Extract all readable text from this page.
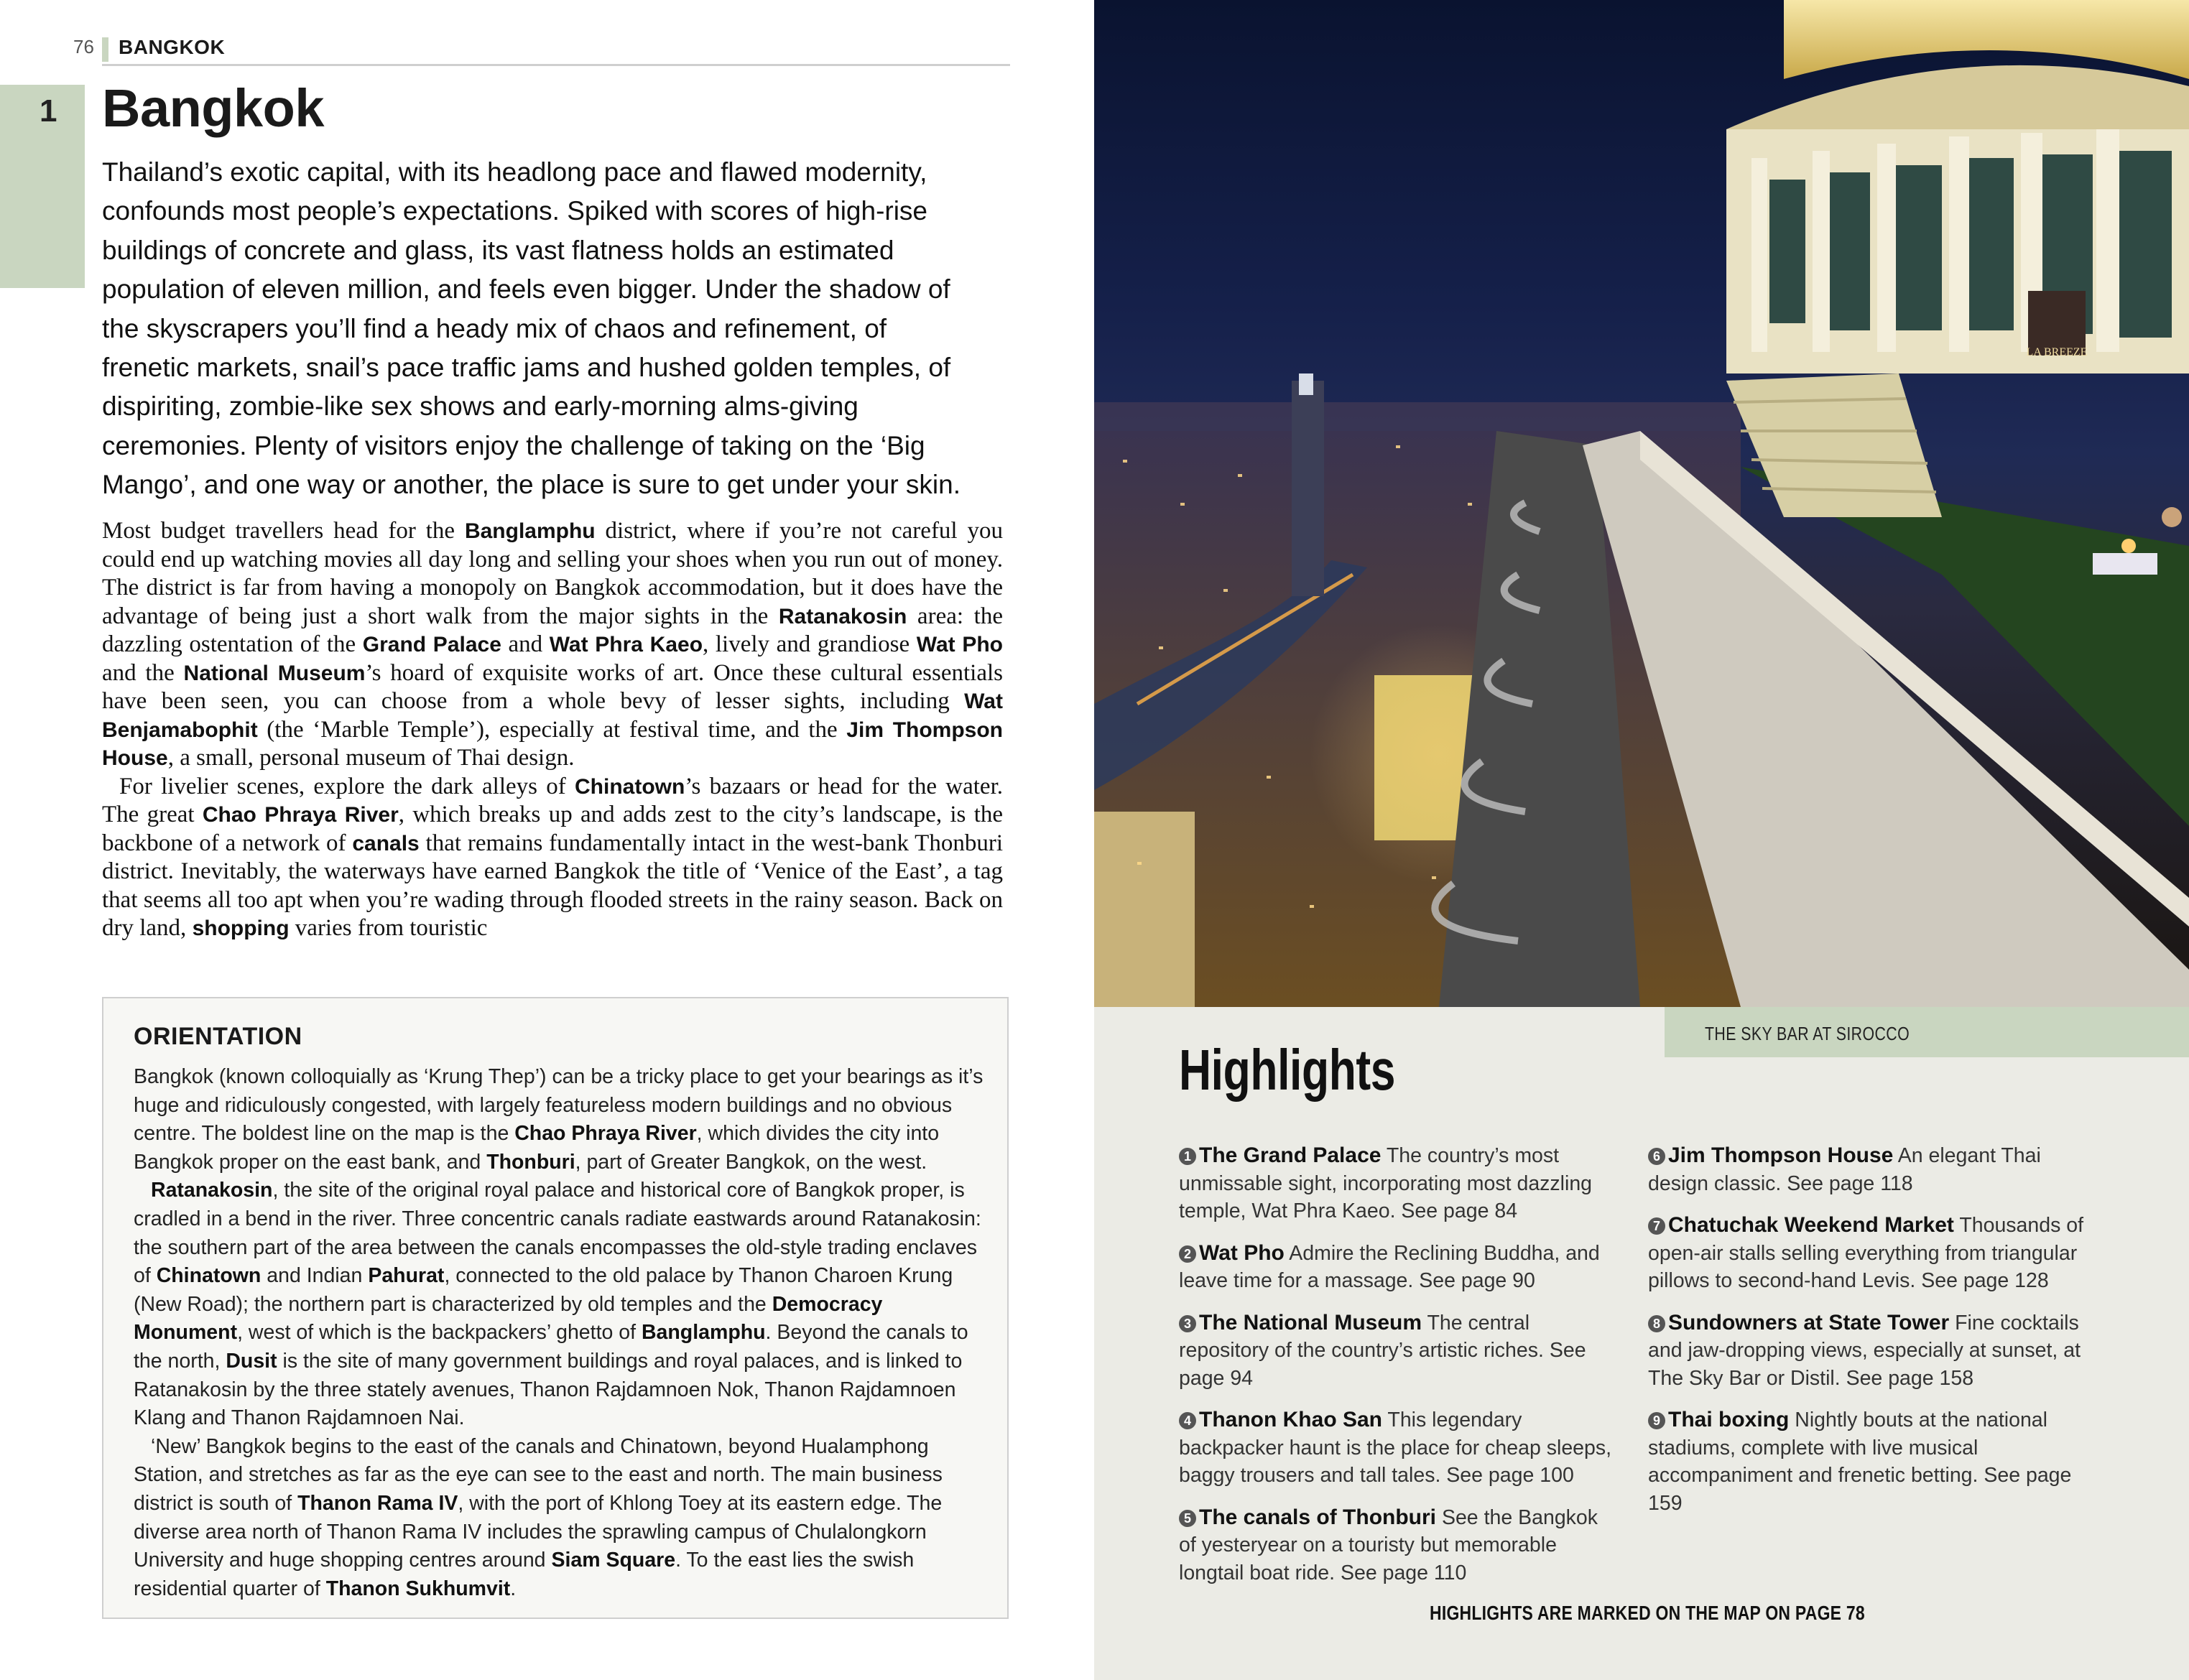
76 BANGKOK
1 Bangkok

Thailand’s exotic capital, with its headlong pace and flawed modernity, confounds most people’s expectations. Spiked with scores of high-rise buildings of concrete and glass, its vast flatness holds an estimated population of eleven million, and feels even bigger. Under the shadow of the skyscrapers you’ll find a heady mix of chaos and refinement, of frenetic markets, snail’s pace traffic jams and hushed golden temples, of dispiriting, zombie-like sex shows and early-morning alms-giving ceremonies. Plenty of visitors enjoy the challenge of taking on the ‘Big Mango’, and one way or another, the place is sure to get under your skin.

Most budget travellers head for the Banglamphu district, where if you’re not careful you could end up watching movies all day long and selling your shoes when you run out of money. The district is far from having a monopoly on Bangkok accommodation, but it does have the advantage of being just a short walk from the major sights in the Ratanakosin area: the dazzling ostentation of the Grand Palace and Wat Phra Kaeo, lively and grandiose Wat Pho and the National Museum’s hoard of exquisite works of art. Once these cultural essentials have been seen, you can choose from a whole bevy of lesser sights, including Wat Benjamabophit (the ‘Marble Temple’), especially at festival time, and the Jim Thompson House, a small, personal museum of Thai design.

For livelier scenes, explore the dark alleys of Chinatown’s bazaars or head for the water. The great Chao Phraya River, which breaks up and adds zest to the city’s landscape, is the backbone of a network of canals that remains fundamentally intact in the west-bank Thonburi district. Inevitably, the waterways have earned Bangkok the title of ‘Venice of the East’, a tag that seems all too apt when you’re wading through flooded streets in the rainy season. Back on dry land, shopping varies from touristic

ORIENTATION

Bangkok (known colloquially as ‘Krung Thep’) can be a tricky place to get your bearings as it’s huge and ridiculously congested, with largely featureless modern buildings and no obvious centre. The boldest line on the map is the Chao Phraya River, which divides the city into Bangkok proper on the east bank, and Thonburi, part of Greater Bangkok, on the west.

Ratanakosin, the site of the original royal palace and historical core of Bangkok proper, is cradled in a bend in the river. Three concentric canals radiate eastwards around Ratanakosin: the southern part of the area between the canals encompasses the old-style trading enclaves of Chinatown and Indian Pahurat, connected to the old palace by Thanon Charoen Krung (New Road); the northern part is characterized by old temples and the Democracy Monument, west of which is the backpackers’ ghetto of Banglamphu. Beyond the canals to the north, Dusit is the site of many government buildings and royal palaces, and is linked to Ratanakosin by the three stately avenues, Thanon Rajdamnoen Nok, Thanon Rajdamnoen Klang and Thanon Rajdamnoen Nai.

‘New’ Bangkok begins to the east of the canals and Chinatown, beyond Hualamphong Station, and stretches as far as the eye can see to the east and north. The main business district is south of Thanon Rama IV, with the port of Khlong Toey at its eastern edge. The diverse area north of Thanon Rama IV includes the sprawling campus of Chulalongkorn University and huge shopping centres around Siam Square. To the east lies the swish residential quarter of Thanon Sukhumvit.

LA BREEZE
THE SKY BAR AT SIROCCO
Highlights
1 The Grand Palace The country’s most unmissable sight, incorporating most dazzling temple, Wat Phra Kaeo. See page 84
2 Wat Pho Admire the Reclining Buddha, and leave time for a massage. See page 90
3 The National Museum The central repository of the country’s artistic riches. See page 94
4 Thanon Khao San This legendary backpacker haunt is the place for cheap sleeps, baggy trousers and tall tales. See page 100
5 The canals of Thonburi See the Bangkok of yesteryear on a touristy but memorable longtail boat ride. See page 110
6 Jim Thompson House An elegant Thai design classic. See page 118
7 Chatuchak Weekend Market Thousands of open-air stalls selling everything from triangular pillows to second-hand Levis. See page 128
8 Sundowners at State Tower Fine cocktails and jaw-dropping views, especially at sunset, at The Sky Bar or Distil. See page 158
9 Thai boxing Nightly bouts at the national stadiums, complete with live musical accompaniment and frenetic betting. See page 159
HIGHLIGHTS ARE MARKED ON THE MAP ON PAGE 78
